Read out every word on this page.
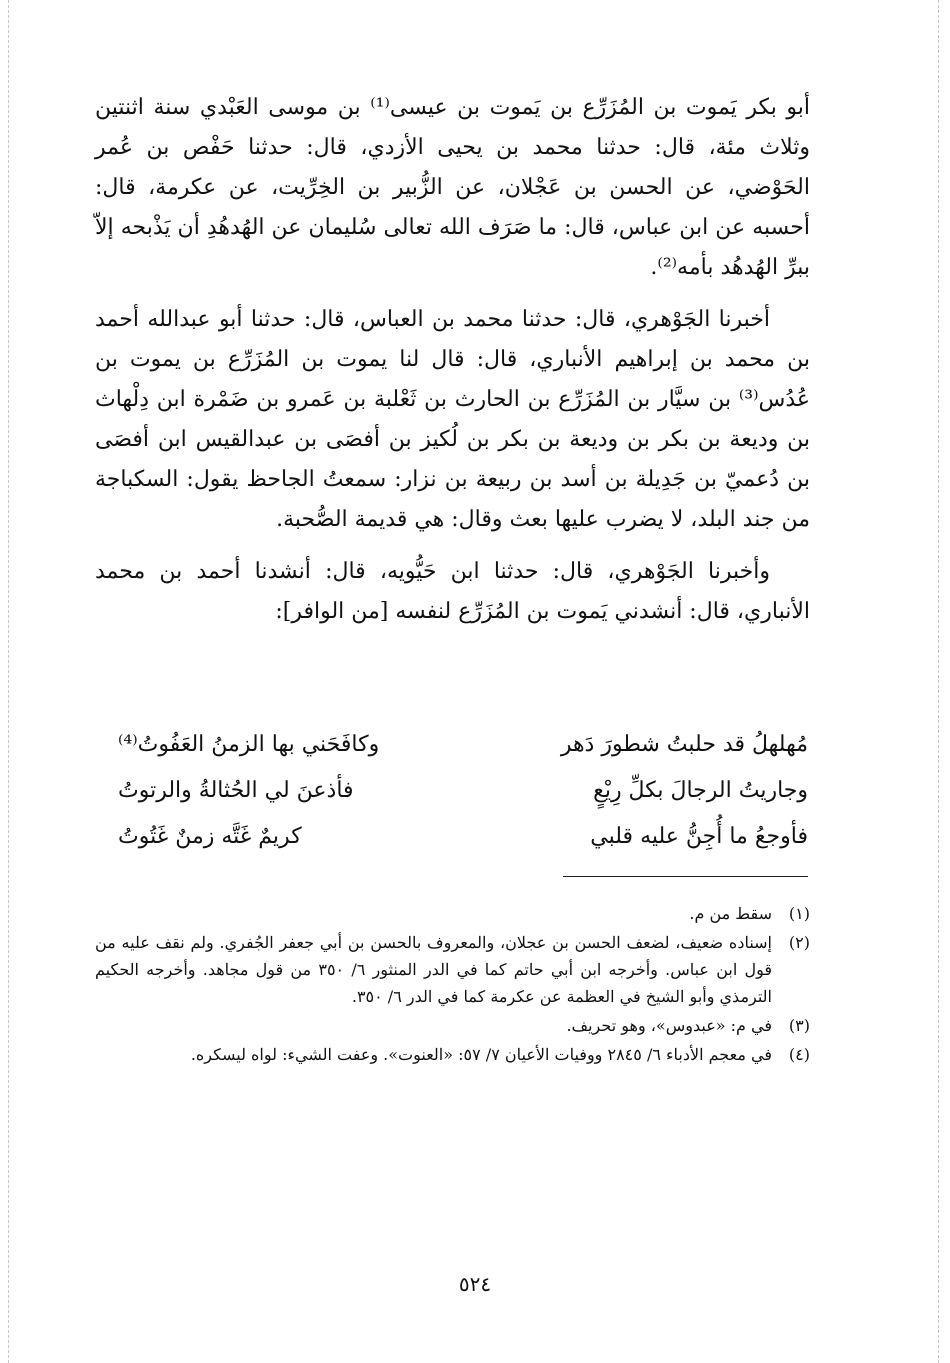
أبو بكر يَموت بن المُزَرِّع بن يَموت بن عيسى⁽¹⁾ بن موسى العَبْدي سنة اثنتين وثلاث مئة، قال: حدثنا محمد بن يحيى الأزدي، قال: حدثنا حَفْص بن عُمر الحَوْضي، عن الحسن بن عَجْلان، عن الزُّبير بن الخِرِّيت، عن عكرمة، قال: أحسبه عن ابن عباس، قال: ما صَرَف الله تعالى سُليمان عن الهُدهُدِ أن يَذْبحه إلاّ ببرِّ الهُدهُد بأمه⁽²⁾.

أخبرنا الجَوْهري، قال: حدثنا محمد بن العباس، قال: حدثنا أبو عبدالله أحمد بن محمد بن إبراهيم الأنباري، قال: قال لنا يموت بن المُزَرِّع بن يموت بن عُدُس⁽³⁾ بن سيَّار بن المُزَرِّع بن الحارث بن ثَعْلبة بن عَمرو بن ضَمْرة ابن دِلْهاث بن وديعة بن بكر بن وديعة بن بكر بن لُكيز بن أفصَى بن عبدالقيس ابن أفصَى بن دُعميّ بن جَدِيلة بن أسد بن ربيعة بن نزار: سمعتُ الجاحظ يقول: السكباجة من جند البلد، لا يضرب عليها بعث وقال: هي قديمة الصُّحبة.

وأخبرنا الجَوْهري، قال: حدثنا ابن حَيُّويه، قال: أنشدنا أحمد بن محمد الأنباري، قال: أنشدني يَموت بن المُزَرِّع لنفسه [من الوافر]:

مُهلهلُ قد حلبتُ شطورَ دَهر
وكافَحَني بها الزمنُ العَفُوتُ⁽⁴⁾
وجاريتُ الرجالَ بكلِّ رِيْعٍ
فأذعنَ لي الحُثالةُ والرتوتُ
فأوجعُ ما أُجِنُّ عليه قلبي
كريمٌ غَتَّه زمنٌ غَتُوتُ
(١)
سقط من م.
(٢)
إسناده ضعيف، لضعف الحسن بن عجلان، والمعروف بالحسن بن أبي جعفر الجُفري. ولم نقف عليه من قول ابن عباس. وأخرجه ابن أبي حاتم كما في الدر المنثور ٦/ ٣٥٠ من قول مجاهد. وأخرجه الحكيم الترمذي وأبو الشيخ في العظمة عن عكرمة كما في الدر ٦/ ٣٥٠.
(٣)
في م: «عبدوس»، وهو تحريف.
(٤)
في معجم الأدباء ٦/ ٢٨٤٥ ووفيات الأعيان ٧/ ٥٧: «العنوت». وعفت الشيء: لواه ليسكره.
٥٢٤
